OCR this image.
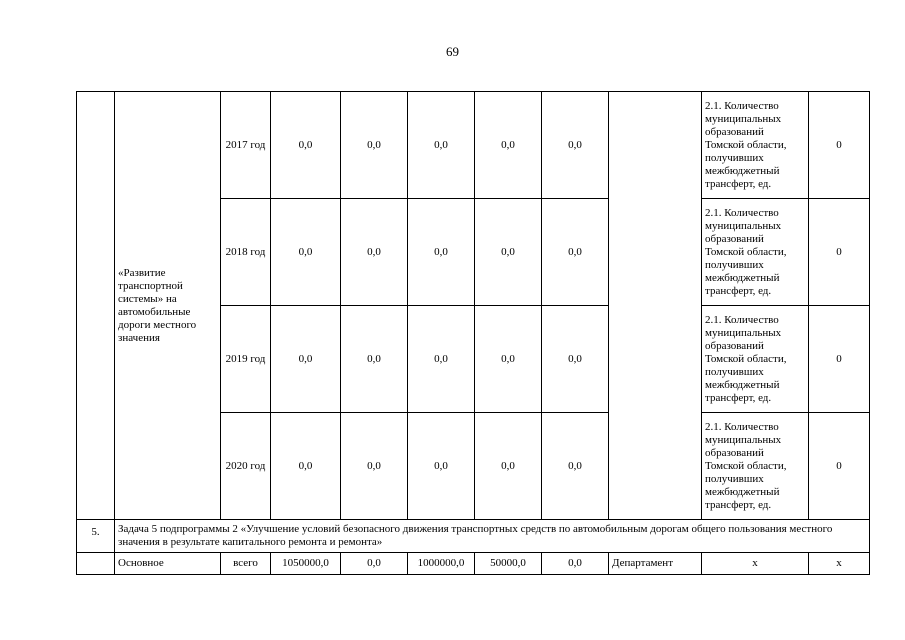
69
	«Развитие транспортной системы» на автомобильные дороги местного значения	2017 год	0,0	0,0	0,0	0,0	0,0		2.1. Количество муниципальных образований Томской области, получивших межбюджетный трансферт, ед.	0
		2018 год	0,0	0,0	0,0	0,0	0,0		2.1. Количество муниципальных образований Томской области, получивших межбюджетный трансферт, ед.	0
		2019 год	0,0	0,0	0,0	0,0	0,0		2.1. Количество муниципальных образований Томской области, получивших межбюджетный трансферт, ед.	0
		2020 год	0,0	0,0	0,0	0,0	0,0		2.1. Количество муниципальных образований Томской области, получивших межбюджетный трансферт, ед.	0
5.	Задача 5 подпрограммы 2 «Улучшение условий безопасного движения транспортных средств по автомобильным дорогам общего пользования местного значения в результате капитального ремонта и ремонта»									
	Основное	всего	1050000,0	0,0	1000000,0	50000,0	0,0	Департамент	x	x
